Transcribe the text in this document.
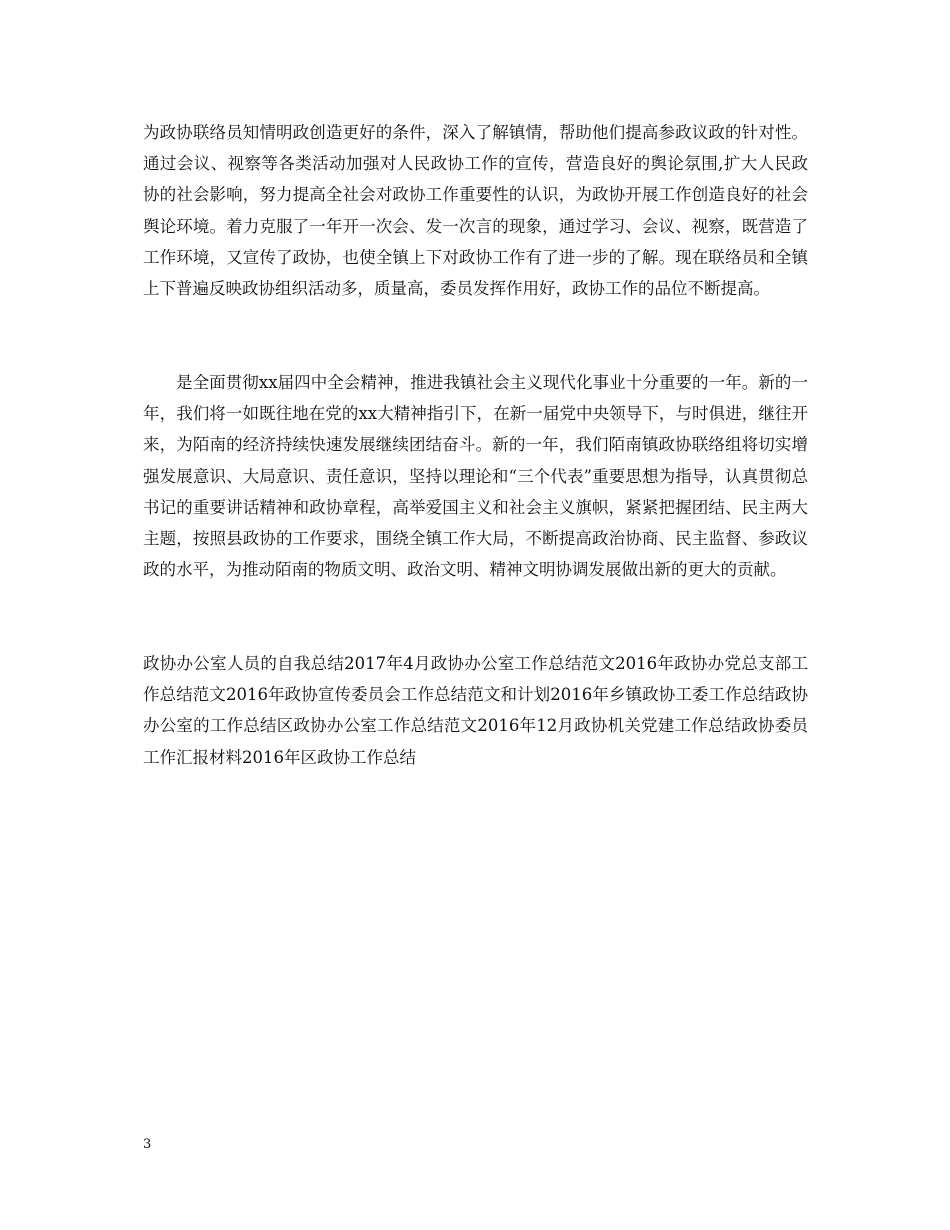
为政协联络员知情明政创造更好的条件，深入了解镇情，帮助他们提高参政议政的针对性。通过会议、视察等各类活动加强对人民政协工作的宣传，营造良好的舆论氛围,扩大人民政协的社会影响，努力提高全社会对政协工作重要性的认识，为政协开展工作创造良好的社会舆论环境。着力克服了一年开一次会、发一次言的现象，通过学习、会议、视察，既营造了工作环境，又宣传了政协，也使全镇上下对政协工作有了进一步的了解。现在联络员和全镇上下普遍反映政协组织活动多，质量高，委员发挥作用好，政协工作的品位不断提高。

是全面贯彻xx届四中全会精神，推进我镇社会主义现代化事业十分重要的一年。新的一年，我们将一如既往地在党的xx大精神指引下，在新一届党中央领导下，与时俱进，继往开来，为陌南的经济持续快速发展继续团结奋斗。新的一年，我们陌南镇政协联络组将切实增强发展意识、大局意识、责任意识，坚持以理论和“三个代表”重要思想为指导，认真贯彻总书记的重要讲话精神和政协章程，高举爱国主义和社会主义旗帜，紧紧把握团结、民主两大主题，按照县政协的工作要求，围绕全镇工作大局，不断提高政治协商、民主监督、参政议政的水平，为推动陌南的物质文明、政治文明、精神文明协调发展做出新的更大的贡献。

政协办公室人员的自我总结2017年4月政协办公室工作总结范文2016年政协办党总支部工作总结范文2016年政协宣传委员会工作总结范文和计划2016年乡镇政协工委工作总结政协办公室的工作总结区政协办公室工作总结范文2016年12月政协机关党建工作总结政协委员工作汇报材料2016年区政协工作总结

3
